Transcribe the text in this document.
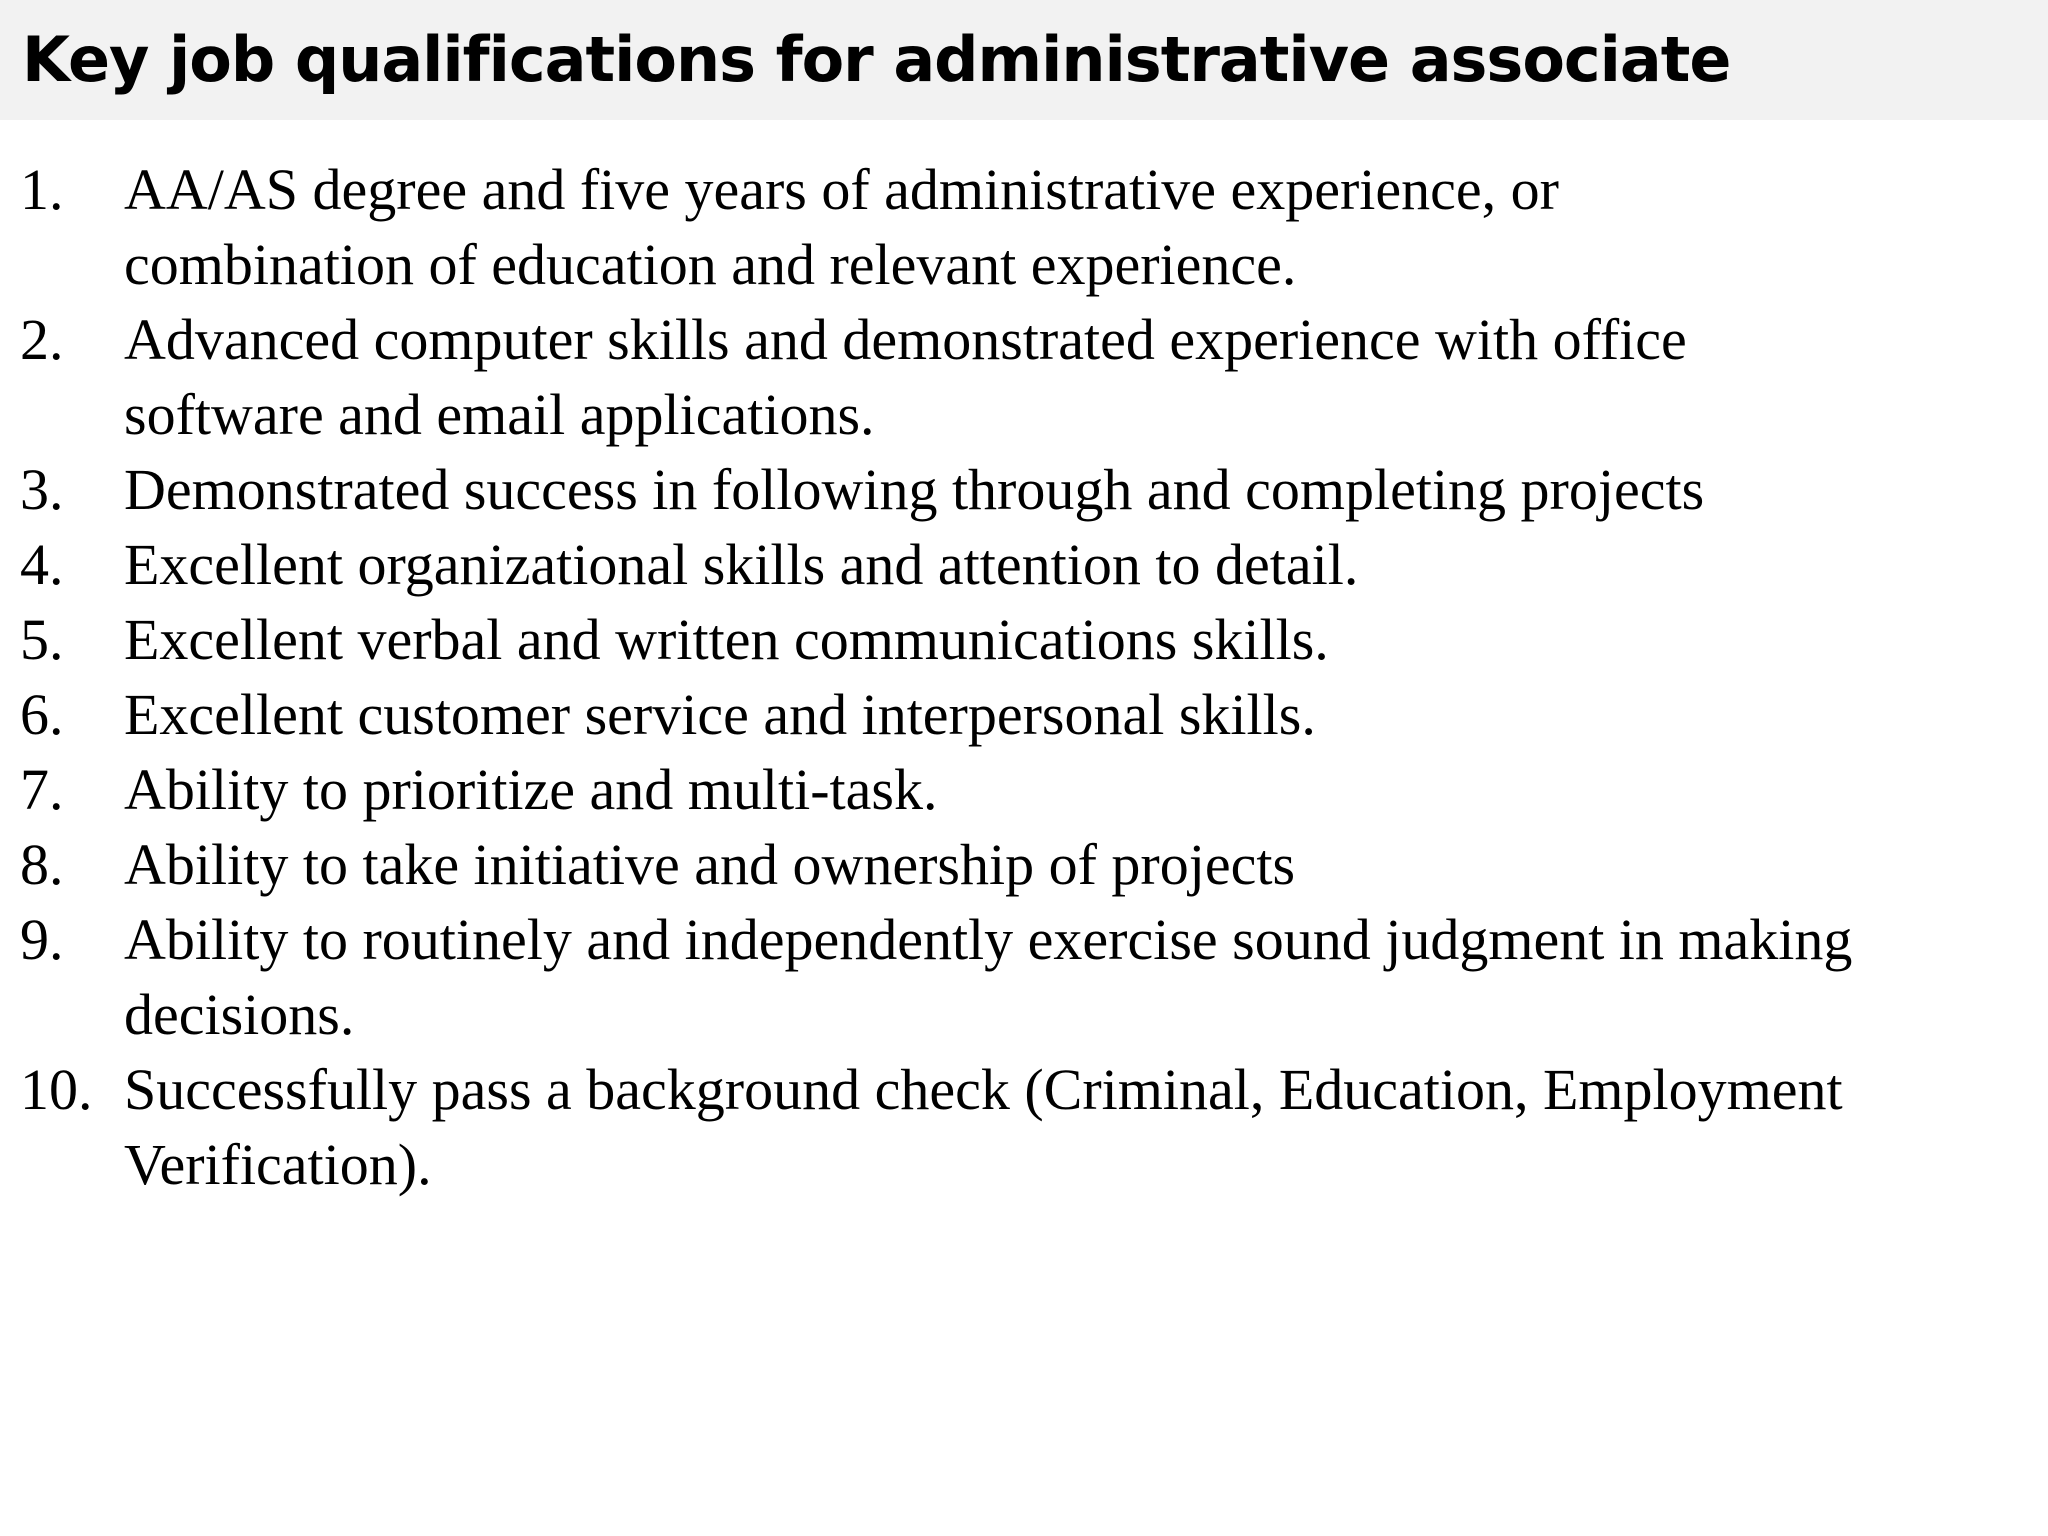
Key job qualifications for administrative associate
1. AA/AS degree and five years of administrative experience, or
combination of education and relevant experience.
2. Advanced computer skills and demonstrated experience with office
software and email applications.
3. Demonstrated success in following through and completing projects
4. Excellent organizational skills and attention to detail.
5. Excellent verbal and written communications skills.
6. Excellent customer service and interpersonal skills.
7. Ability to prioritize and multi-task.
8. Ability to take initiative and ownership of projects
9. Ability to routinely and independently exercise sound judgment in making
decisions.
10. Successfully pass a background check (Criminal, Education, Employment
Verification).
